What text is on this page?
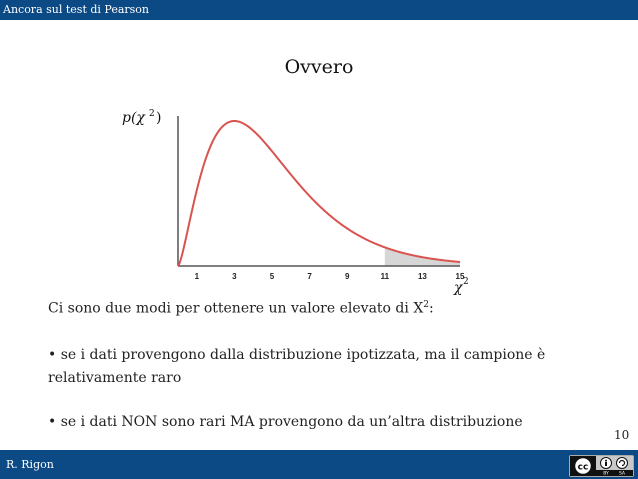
Ancora sul test di Pearson
Ovvero
p(χ 2 )
1	3	5	7	9	11	13	15
χ 2
Ci sono due modi per ottenere un valore elevato di $X^2$:
• se i dati provengono dalla distribuzione ipotizzata, ma il campione è
relativamente raro
• se i dati NON sono rari MA provengono da un’altra distribuzione
10
R. Rigon	cc
BY SA
